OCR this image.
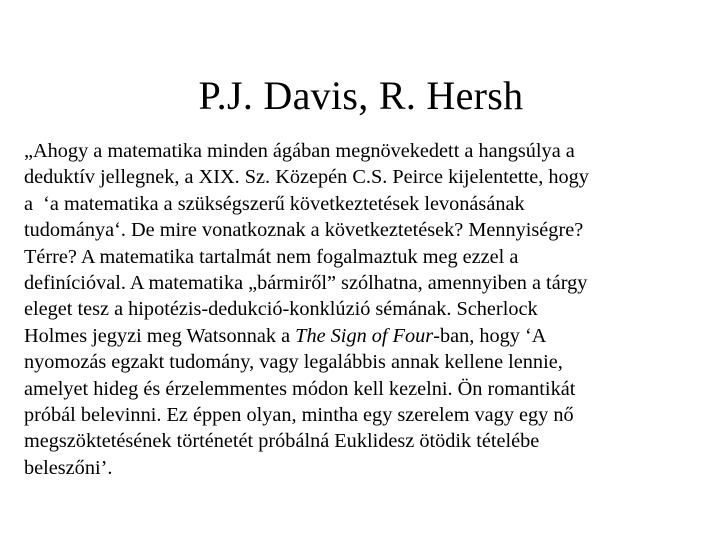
P.J. Davis, R. Hersh
„Ahogy a matematika minden ágában megnövekedett a hangsúlya a
deduktív jellegnek, a XIX. Sz. Közepén C.S. Peirce kijelentette, hogy
a  ‘a matematika a szükségszerű következtetések levonásának
tudománya‘. De mire vonatkoznak a következtetések? Mennyiségre?
Térre? A matematika tartalmát nem fogalmaztuk meg ezzel a
definícióval. A matematika „bármiről” szólhatna, amennyiben a tárgy
eleget tesz a hipotézis-dedukció-konklúzió sémának. Scherlock
Holmes jegyzi meg Watsonnak a The Sign of Four-ban, hogy ‘A
nyomozás egzakt tudomány, vagy legalábbis annak kellene lennie,
amelyet hideg és érzelemmentes módon kell kezelni. Ön romantikát
próbál belevinni. Ez éppen olyan, mintha egy szerelem vagy egy nő
megszöktetésének történetét próbálná Euklidesz ötödik tételébe
beleszőni’.
